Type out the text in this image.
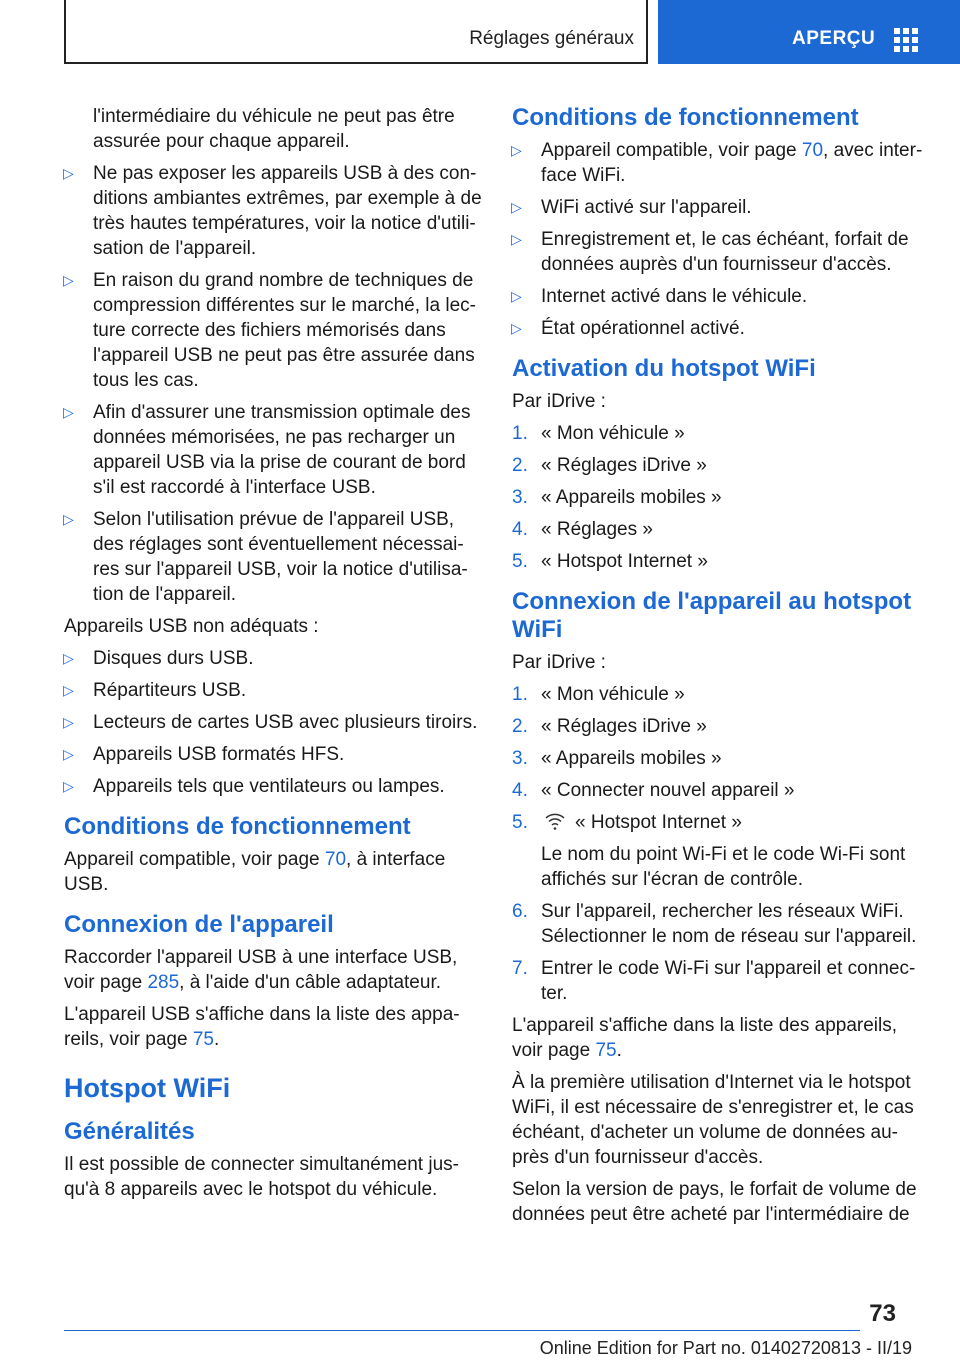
Réglages généraux	APERÇU
l'intermédiaire du véhicule ne peut pas être assurée pour chaque appareil.
▷ Ne pas exposer les appareils USB à des con‐ditions ambiantes extrêmes, par exemple à de très hautes températures, voir la notice d'utili‐sation de l'appareil.
▷ En raison du grand nombre de techniques de compression différentes sur le marché, la lec‐ture correcte des fichiers mémorisés dans l'appareil USB ne peut pas être assurée dans tous les cas.
▷ Afin d'assurer une transmission optimale des données mémorisées, ne pas recharger un appareil USB via la prise de courant de bord s'il est raccordé à l'interface USB.
▷ Selon l'utilisation prévue de l'appareil USB, des réglages sont éventuellement nécessai‐res sur l'appareil USB, voir la notice d'utilisa‐tion de l'appareil.

Appareils USB non adéquats :

▷ Disques durs USB.
▷ Répartiteurs USB.
▷ Lecteurs de cartes USB avec plusieurs tiroirs.
▷ Appareils USB formatés HFS.
▷ Appareils tels que ventilateurs ou lampes.
Conditions de fonctionnement

Appareil compatible, voir page 70, à interface USB.

Connexion de l'appareil

Raccorder l'appareil USB à une interface USB, voir page 285, à l'aide d'un câble adaptateur.

L'appareil USB s'affiche dans la liste des appa‐reils, voir page 75.

Hotspot WiFi
Généralités

Il est possible de connecter simultanément jus‐qu'à 8 appareils avec le hotspot du véhicule.

Conditions de fonctionnement
▷ Appareil compatible, voir page 70, avec inter‐face WiFi.
▷ WiFi activé sur l'appareil.
▷ Enregistrement et, le cas échéant, forfait de données auprès d'un fournisseur d'accès.
▷ Internet activé dans le véhicule.
▷ État opérationnel activé.
Activation du hotspot WiFi

Par iDrive :

1. « Mon véhicule »
2. « Réglages iDrive »
3. « Appareils mobiles »
4. « Réglages »
5. « Hotspot Internet »
Connexion de l'appareil au hotspot WiFi

Par iDrive :

1. « Mon véhicule »
2. « Réglages iDrive »
3. « Appareils mobiles »
4. « Connecter nouvel appareil »
5. « Hotspot Internet »
Le nom du point Wi-Fi et le code Wi-Fi sont affichés sur l'écran de contrôle.
6. Sur l'appareil, rechercher les réseaux WiFi. Sélectionner le nom de réseau sur l'appareil.
7. Entrer le code Wi-Fi sur l'appareil et connec‐ter.

L'appareil s'affiche dans la liste des appareils, voir page 75.

À la première utilisation d'Internet via le hotspot WiFi, il est nécessaire de s'enregistrer et, le cas échéant, d'acheter un volume de données au‐près d'un fournisseur d'accès.

Selon la version de pays, le forfait de volume de données peut être acheté par l'intermédiaire de

73
Online Edition for Part no. 01402720813 - II/19
